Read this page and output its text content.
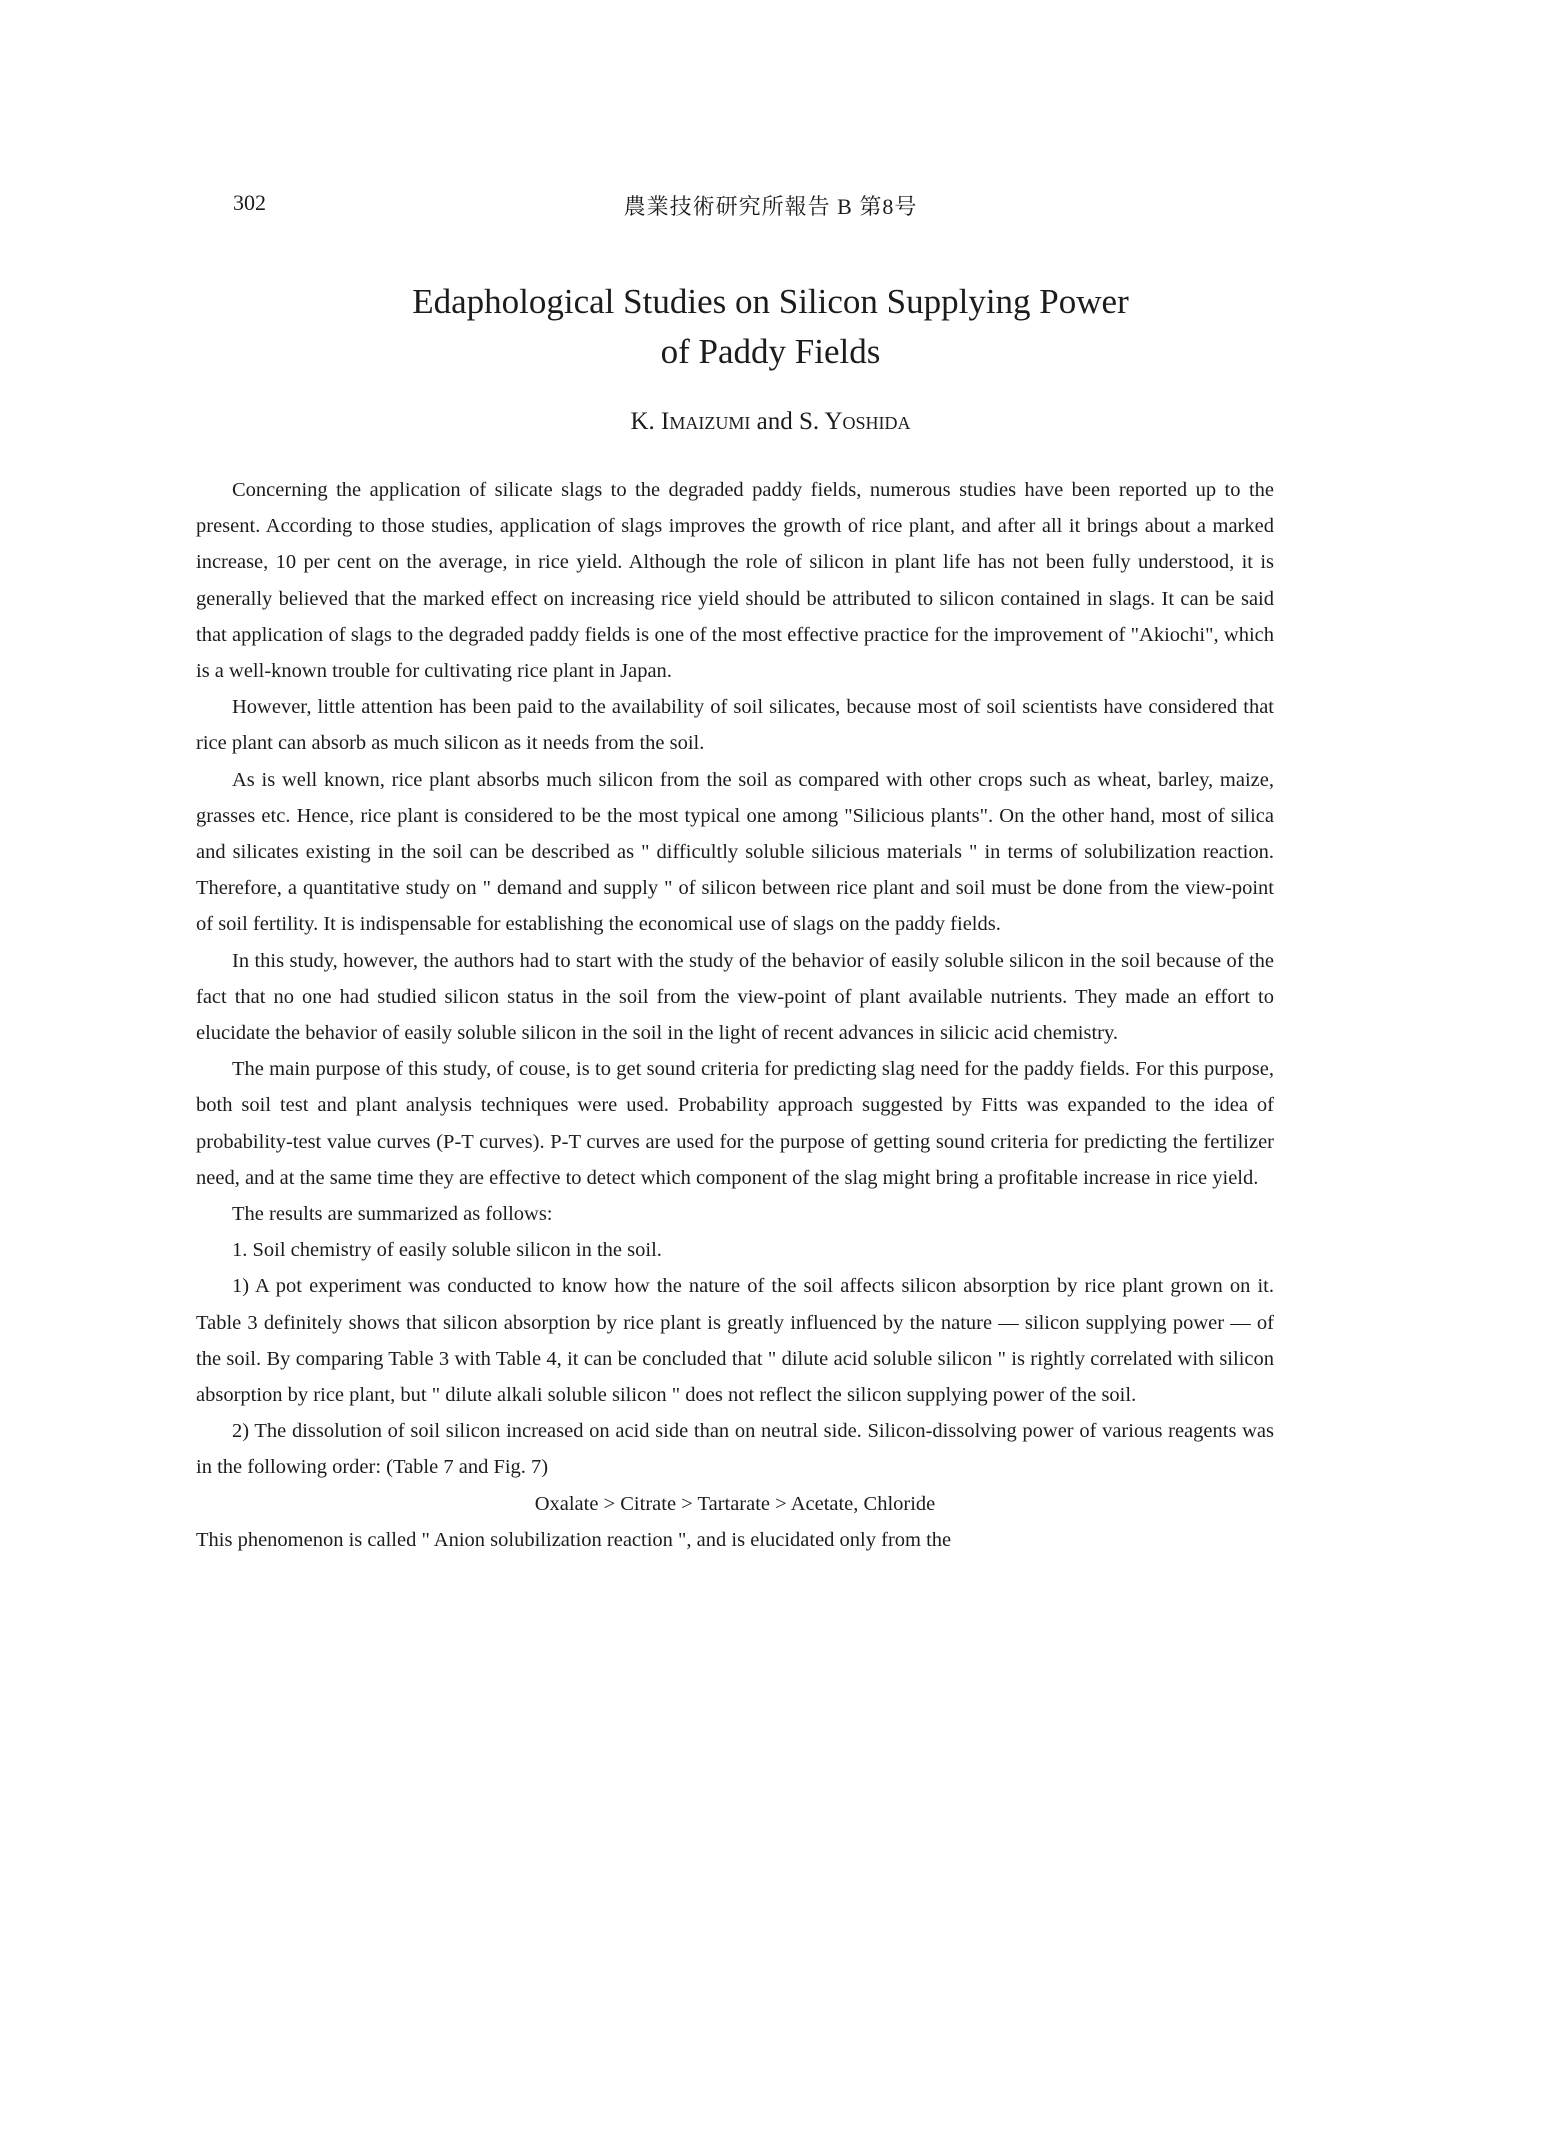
302	農業技術研究所報告 B 第8号
Edaphological Studies on Silicon Supplying Power
of Paddy Fields
K. Imaizumi and S. Yoshida

Concerning the application of silicate slags to the degraded paddy fields, numerous studies have been reported up to the present. According to those studies, application of slags improves the growth of rice plant, and after all it brings about a marked increase, 10 per cent on the average, in rice yield. Although the role of silicon in plant life has not been fully understood, it is generally believed that the marked effect on increasing rice yield should be attributed to silicon contained in slags. It can be said that application of slags to the degraded paddy fields is one of the most effective practice for the improvement of "Akiochi", which is a well-known trouble for cultivating rice plant in Japan.

However, little attention has been paid to the availability of soil silicates, because most of soil scientists have considered that rice plant can absorb as much silicon as it needs from the soil.

As is well known, rice plant absorbs much silicon from the soil as compared with other crops such as wheat, barley, maize, grasses etc. Hence, rice plant is considered to be the most typical one among "Silicious plants". On the other hand, most of silica and silicates existing in the soil can be described as " difficultly soluble silicious materials " in terms of solubilization reaction. Therefore, a quantitative study on " demand and supply " of silicon between rice plant and soil must be done from the view-point of soil fertility. It is indispensable for establishing the economical use of slags on the paddy fields.

In this study, however, the authors had to start with the study of the behavior of easily soluble silicon in the soil because of the fact that no one had studied silicon status in the soil from the view-point of plant available nutrients. They made an effort to elucidate the behavior of easily soluble silicon in the soil in the light of recent advances in silicic acid chemistry.

The main purpose of this study, of couse, is to get sound criteria for predicting slag need for the paddy fields. For this purpose, both soil test and plant analysis techniques were used. Probability approach suggested by Fitts was expanded to the idea of probability-test value curves (P-T curves). P-T curves are used for the purpose of getting sound criteria for predicting the fertilizer need, and at the same time they are effective to detect which component of the slag might bring a profitable increase in rice yield.

The results are summarized as follows:

1. Soil chemistry of easily soluble silicon in the soil.

1) A pot experiment was conducted to know how the nature of the soil affects silicon absorption by rice plant grown on it. Table 3 definitely shows that silicon absorption by rice plant is greatly influenced by the nature — silicon supplying power — of the soil. By comparing Table 3 with Table 4, it can be concluded that " dilute acid soluble silicon " is rightly correlated with silicon absorption by rice plant, but " dilute alkali soluble silicon " does not reflect the silicon supplying power of the soil.

2) The dissolution of soil silicon increased on acid side than on neutral side. Silicon-dissolving power of various reagents was in the following order: (Table 7 and Fig. 7)

Oxalate > Citrate > Tartarate > Acetate, Chloride

This phenomenon is called " Anion solubilization reaction ", and is elucidated only from the
